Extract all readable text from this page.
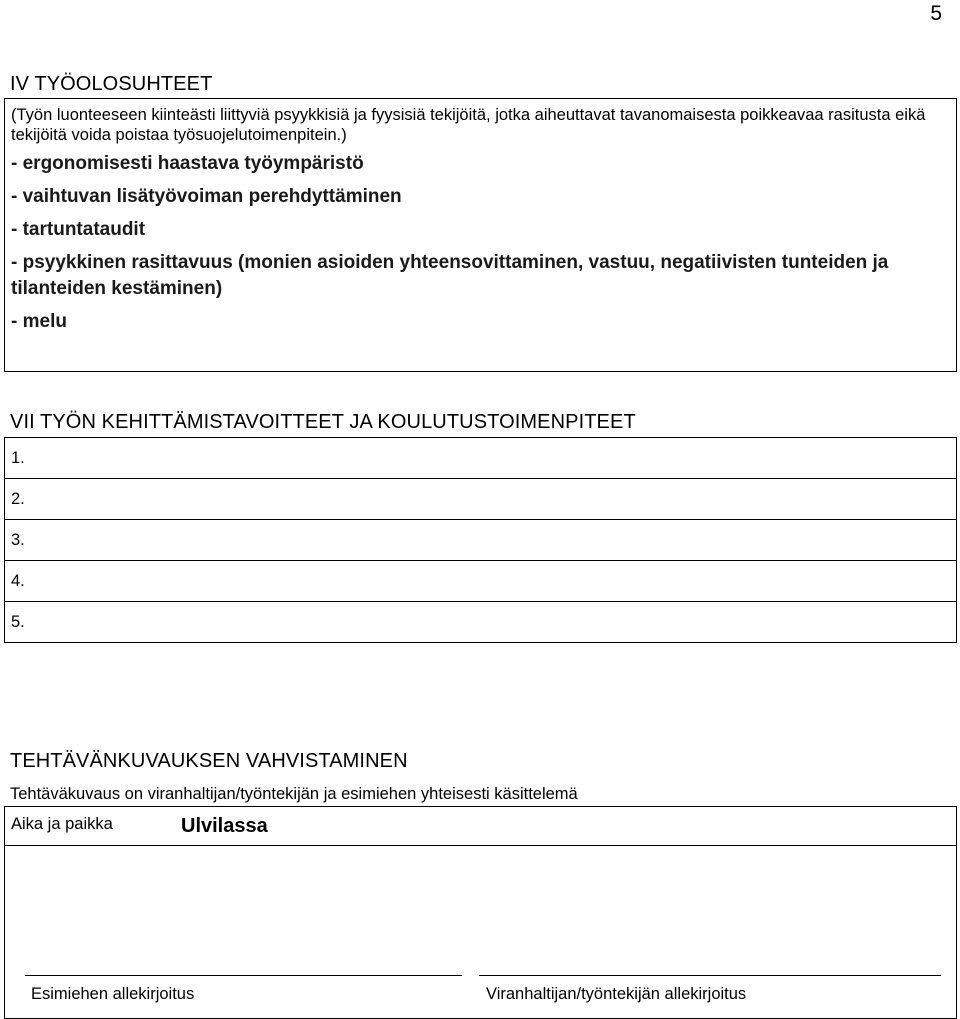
5
IV TYÖOLOSUHTEET

(Työn luonteeseen kiinteästi liittyviä psyykkisiä ja fyysisiä tekijöitä, jotka aiheuttavat tavanomaisesta poikkeavaa rasitusta eikä tekijöitä voida poistaa työsuojelutoimenpitein.)

- ergonomisesti haastava työympäristö
- vaihtuvan lisätyövoiman perehdyttäminen
- tartuntataudit
- psyykkinen rasittavuus (monien asioiden yhteensovittaminen, vastuu, negatiivisten tunteiden ja tilanteiden kestäminen)
- melu
VII TYÖN KEHITTÄMISTAVOITTEET JA KOULUTUSTOIMENPITEET
1.
2.
3.
4.
5.
TEHTÄVÄNKUVAUKSEN VAHVISTAMINEN
Tehtäväkuvaus on viranhaltijan/työntekijän ja esimiehen yhteisesti käsittelemä
Aika ja paikka	Ulvilassa
Esimiehen allekirjoitus	Viranhaltijan/työntekijän allekirjoitus
